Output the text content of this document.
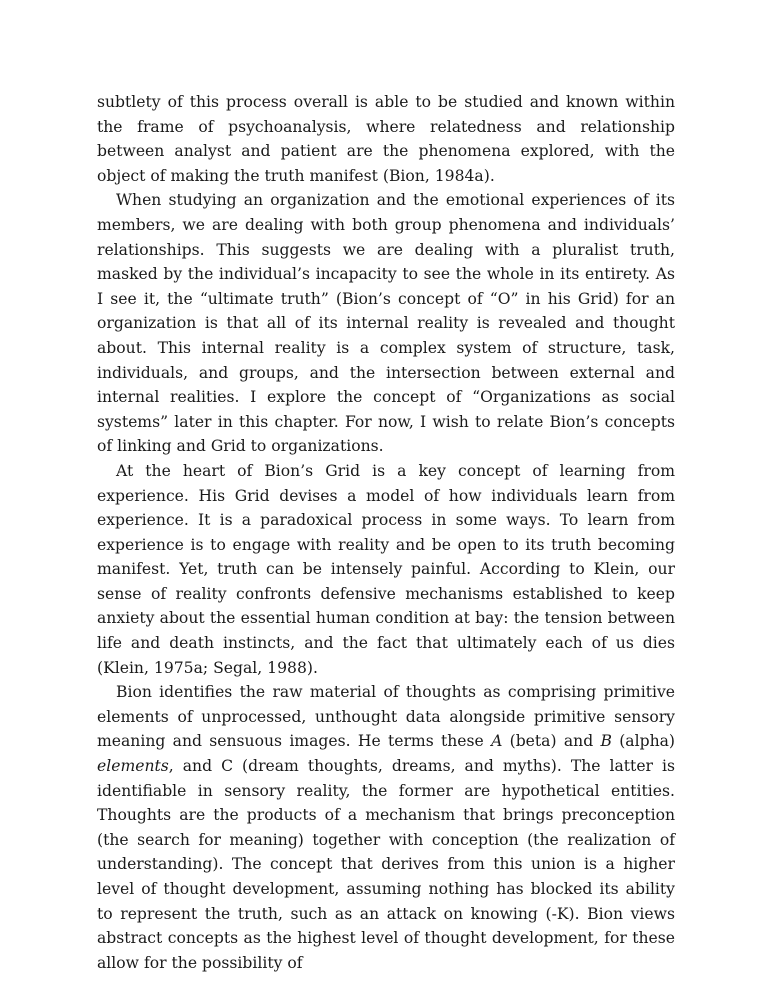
subtlety of this process overall is able to be studied and known within the frame of psychoanalysis, where relatedness and relationship between analyst and patient are the phenomena explored, with the object of making the truth manifest (Bion, 1984a).

When studying an organization and the emotional experiences of its members, we are dealing with both group phenomena and individuals’ relationships. This suggests we are dealing with a pluralist truth, masked by the individual’s incapacity to see the whole in its entirety. As I see it, the “ultimate truth” (Bion’s concept of “O” in his Grid) for an organization is that all of its internal reality is revealed and thought about. This internal reality is a complex system of structure, task, individuals, and groups, and the intersection between external and internal realities. I explore the concept of “Organizations as social systems” later in this chapter. For now, I wish to relate Bion’s concepts of linking and Grid to organizations.

At the heart of Bion’s Grid is a key concept of learning from experience. His Grid devises a model of how individuals learn from experience. It is a paradoxical process in some ways. To learn from experience is to engage with reality and be open to its truth becoming manifest. Yet, truth can be intensely painful. According to Klein, our sense of reality confronts defensive mechanisms established to keep anxiety about the essential human condition at bay: the tension between life and death instincts, and the fact that ultimately each of us dies (Klein, 1975a; Segal, 1988).

Bion identifies the raw material of thoughts as comprising primitive elements of unprocessed, unthought data alongside primitive sensory meaning and sensuous images. He terms these A (beta) and B (alpha) elements, and C (dream thoughts, dreams, and myths). The latter is identifiable in sensory reality, the former are hypothetical entities. Thoughts are the products of a mechanism that brings preconception (the search for meaning) together with conception (the realization of understanding). The concept that derives from this union is a higher level of thought development, assuming nothing has blocked its ability to represent the truth, such as an attack on knowing (-K). Bion views abstract concepts as the highest level of thought development, for these allow for the possibility of
